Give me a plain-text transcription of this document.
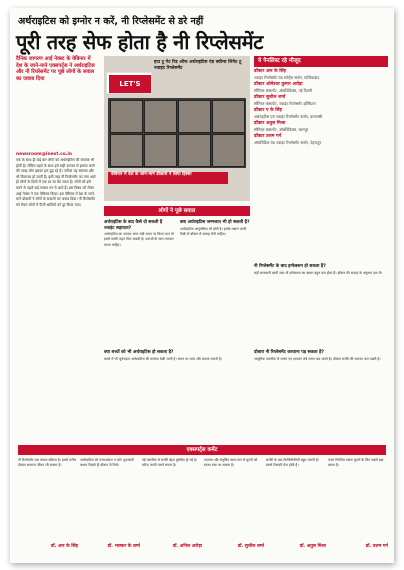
अर्थराइटिस को इग्नोर न करें, नी रिप्लेसमेंट से डरे नहीं
पूरी तरह सेफ होता है नी रिप्लेसमेंट
दैनिक जागरण आई नेक्स्ट के वेबिनार में देश के जाने-माने एक्सपर्ट्स ने अर्थराइटिस और नी रिप्लेसमेंट पर पूछे लोगों के सवाल का जवाब दिया
newsroom@inext.co.in
एक के साथ ही कई बार लोगों को अर्थराइटिस की समस्या भी होती है। लेकिन बढ़ते के साथ इसे सही उपचार से इलाज करने की जगह लोग इसका हल ढूंढ रहे हैं। नतीजा यह समस्या और भी विकराल हो जाती है। इसी तरह नी रिप्लेसमेंट का नाम आते ही लोगों के दिलों में एक डर सा बैठ जाता है। लोगों को इसे करने से पहले कई सवाल मन में आते हैं। इस विषय को लेकर आई नेक्स्ट ने एक वेबिनार किया। इस वेबिनार में देश के जाने-माने डॉक्टरों ने लोगों के सवालों का जवाब दिया। नी रिप्लेसमेंट को लेकर लोगों में फैली भ्रांतियों को दूर किया गया।
LET'S
हाउ टू गेट रिड ऑफ अर्थराइटिस एंड क्वीन्स लिगेट टू ज्वाइंट रिप्लेसमेंट
वेबिनार में देश के जाने-माने डॉक्टर्स ने लिया हिस्सा
लोगों ने पूछे सवाल
अर्थराइटिस के बाद कैसे दो सकती है ज्वाइंट सहायता?
अर्थराइटिस का उपचार अगर सही समय पर किया जाए तो इसमें काफी राहत मिल सकती है। दवाओं के साथ व्यायाम करना चाहिए।
क्या अर्थराइटिस जन्मजात भी हो सकती है?
अर्थराइटिस आनुवंशिक भी होती है। इसके लक्षण जल्दी दिखें तो डॉक्टर से सलाह लेनी चाहिए।
क्या बच्चों को भी अर्थराइटिस हो सकता है?
बच्चों में भी जुवेनाइल अर्थराइटिस की समस्या देखी जाती है। समय पर जांच और इलाज जरूरी है।
ये पैनलिस्ट रहे मौजूद
डॉक्टर आर के सिंह
ज्वाइंट रिप्लेसमेंट एंड स्पोर्ट्स सर्जन, गाजियाबाद
डॉक्टर ओमेश्वर कुमार अरोड़ा
सीनियर कंसल्टेंट, ऑर्थोपेडिक्स, नई दिल्ली
डॉक्टर सुशील शर्मा
सीनियर कंसल्टेंट, ज्वाइंट रिप्लेसमेंट हॉस्पिटल
डॉक्टर ए के सिंह
अर्थराइटिस एवं ज्वाइंट रिप्लेसमेंट सर्जन, वाराणसी
डॉक्टर अतुल मिश्रा
सीनियर कंसल्टेंट, ऑर्थोपेडिक्स, कानपुर
डॉक्टर उत्तम गर्ग
ऑर्थोपेडिक एंड ज्वाइंट रिप्लेसमेंट सर्जन, देहरादून
नी रिप्लेसमेंट के बाद इन्फेक्शन हो सकता है?
सही सावधानी बरती जाए तो इन्फेक्शन का खतरा बहुत कम होता है। डॉक्टर की सलाह के अनुसार दवा लें।
दोबारा नी रिप्लेसमेंट करवाना पड़ सकता है?
आधुनिक तकनीक से लगाए गए इम्प्लांट लंबे समय तक चलते हैं। दोबारा सर्जरी की जरूरत कम पड़ती है।
एक्सपर्ट्स कमेंट
नी रिप्लेसमेंट एक सफल प्रक्रिया है। इससे मरीज दोबारा सामान्य जीवन जी सकता है।
डॉ. आर के सिंह
अर्थराइटिस को नजरअंदाज न करें। शुरुआती लक्षण दिखते ही डॉक्टर से मिलें।
डॉ. भास्कर के शर्मा
नई तकनीक से सर्जरी बेहद सुरक्षित हो गई है। मरीज जल्दी चलने लगता है।
डॉ. अनिल अरोड़ा
व्यायाम और संतुलित खान-पान से घुटनों को स्वस्थ रखा जा सकता है।
डॉ. सुशील शर्मा
सर्जरी के बाद फिजियोथेरेपी बहुत जरूरी है। इससे रिकवरी तेज होती है।
डॉ. अतुल मिश्रा
वजन नियंत्रित रखना घुटनों के लिए सबसे बड़ा बचाव है।
डॉ. उत्तम गर्ग
